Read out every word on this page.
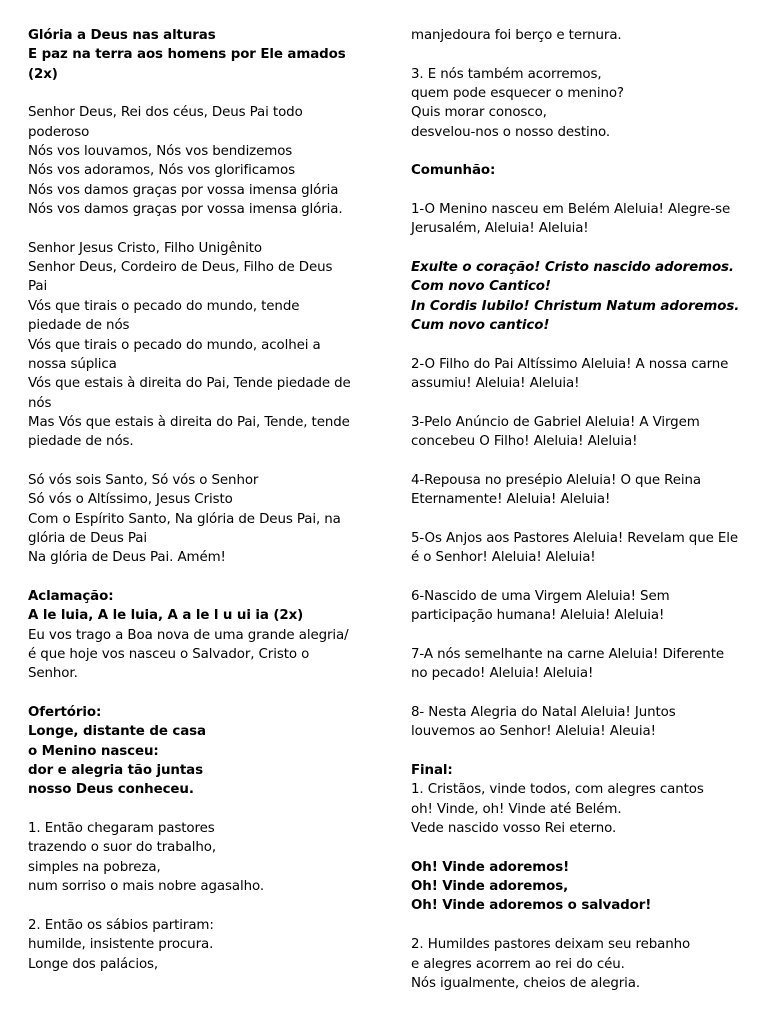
Glória a Deus nas alturas
E paz na terra aos homens por Ele amados
(2x)
Senhor Deus, Rei dos céus, Deus Pai todo
poderoso
Nós vos louvamos, Nós vos bendizemos
Nós vos adoramos, Nós vos glorificamos
Nós vos damos graças por vossa imensa glória
Nós vos damos graças por vossa imensa glória.
Senhor Jesus Cristo, Filho Unigênito
Senhor Deus, Cordeiro de Deus, Filho de Deus
Pai
Vós que tirais o pecado do mundo, tende
piedade de nós
Vós que tirais o pecado do mundo, acolhei a
nossa súplica
Vós que estais à direita do Pai, Tende piedade de
nós
Mas Vós que estais à direita do Pai, Tende, tende
piedade de nós.
Só vós sois Santo, Só vós o Senhor
Só vós o Altíssimo, Jesus Cristo
Com o Espírito Santo, Na glória de Deus Pai, na
glória de Deus Pai
Na glória de Deus Pai. Amém!
Aclamação:
A le luia, A le luia, A a le l u ui ia (2x)
Eu vos trago a Boa nova de uma grande alegria/
é que hoje vos nasceu o Salvador, Cristo o
Senhor.
Ofertório:
Longe, distante de casa
o Menino nasceu:
dor e alegria tão juntas
nosso Deus conheceu.
1. Então chegaram pastores
trazendo o suor do trabalho,
simples na pobreza,
num sorriso o mais nobre agasalho.
2. Então os sábios partiram:
humilde, insistente procura.
Longe dos palácios,
manjedoura foi berço e ternura.
3. E nós também acorremos,
quem pode esquecer o menino?
Quis morar conosco,
desvelou-nos o nosso destino.
Comunhão:
1-O Menino nasceu em Belém Aleluia! Alegre-se
Jerusalém, Aleluia! Aleluia!
Exulte o coração! Cristo nascido adoremos.
Com novo Cantico!
In Cordis Iubilo! Christum Natum adoremos.
Cum novo cantico!
2-O Filho do Pai Altíssimo Aleluia! A nossa carne
assumiu! Aleluia! Aleluia!
3-Pelo Anúncio de Gabriel Aleluia! A Virgem
concebeu O Filho! Aleluia! Aleluia!
4-Repousa no presépio Aleluia! O que Reina
Eternamente! Aleluia! Aleluia!
5-Os Anjos aos Pastores Aleluia! Revelam que Ele
é o Senhor! Aleluia! Aleluia!
6-Nascido de uma Virgem Aleluia! Sem
participação humana! Aleluia! Aleluia!
7-A nós semelhante na carne Aleluia! Diferente
no pecado! Aleluia! Aleluia!
8- Nesta Alegria do Natal Aleluia! Juntos
louvemos ao Senhor! Aleluia! Aleuia!
Final:
1. Cristãos, vinde todos, com alegres cantos
oh! Vinde, oh! Vinde até Belém.
Vede nascido vosso Rei eterno.
Oh! Vinde adoremos!
Oh! Vinde adoremos,
Oh! Vinde adoremos o salvador!
2. Humildes pastores deixam seu rebanho
e alegres acorrem ao rei do céu.
Nós igualmente, cheios de alegria.
